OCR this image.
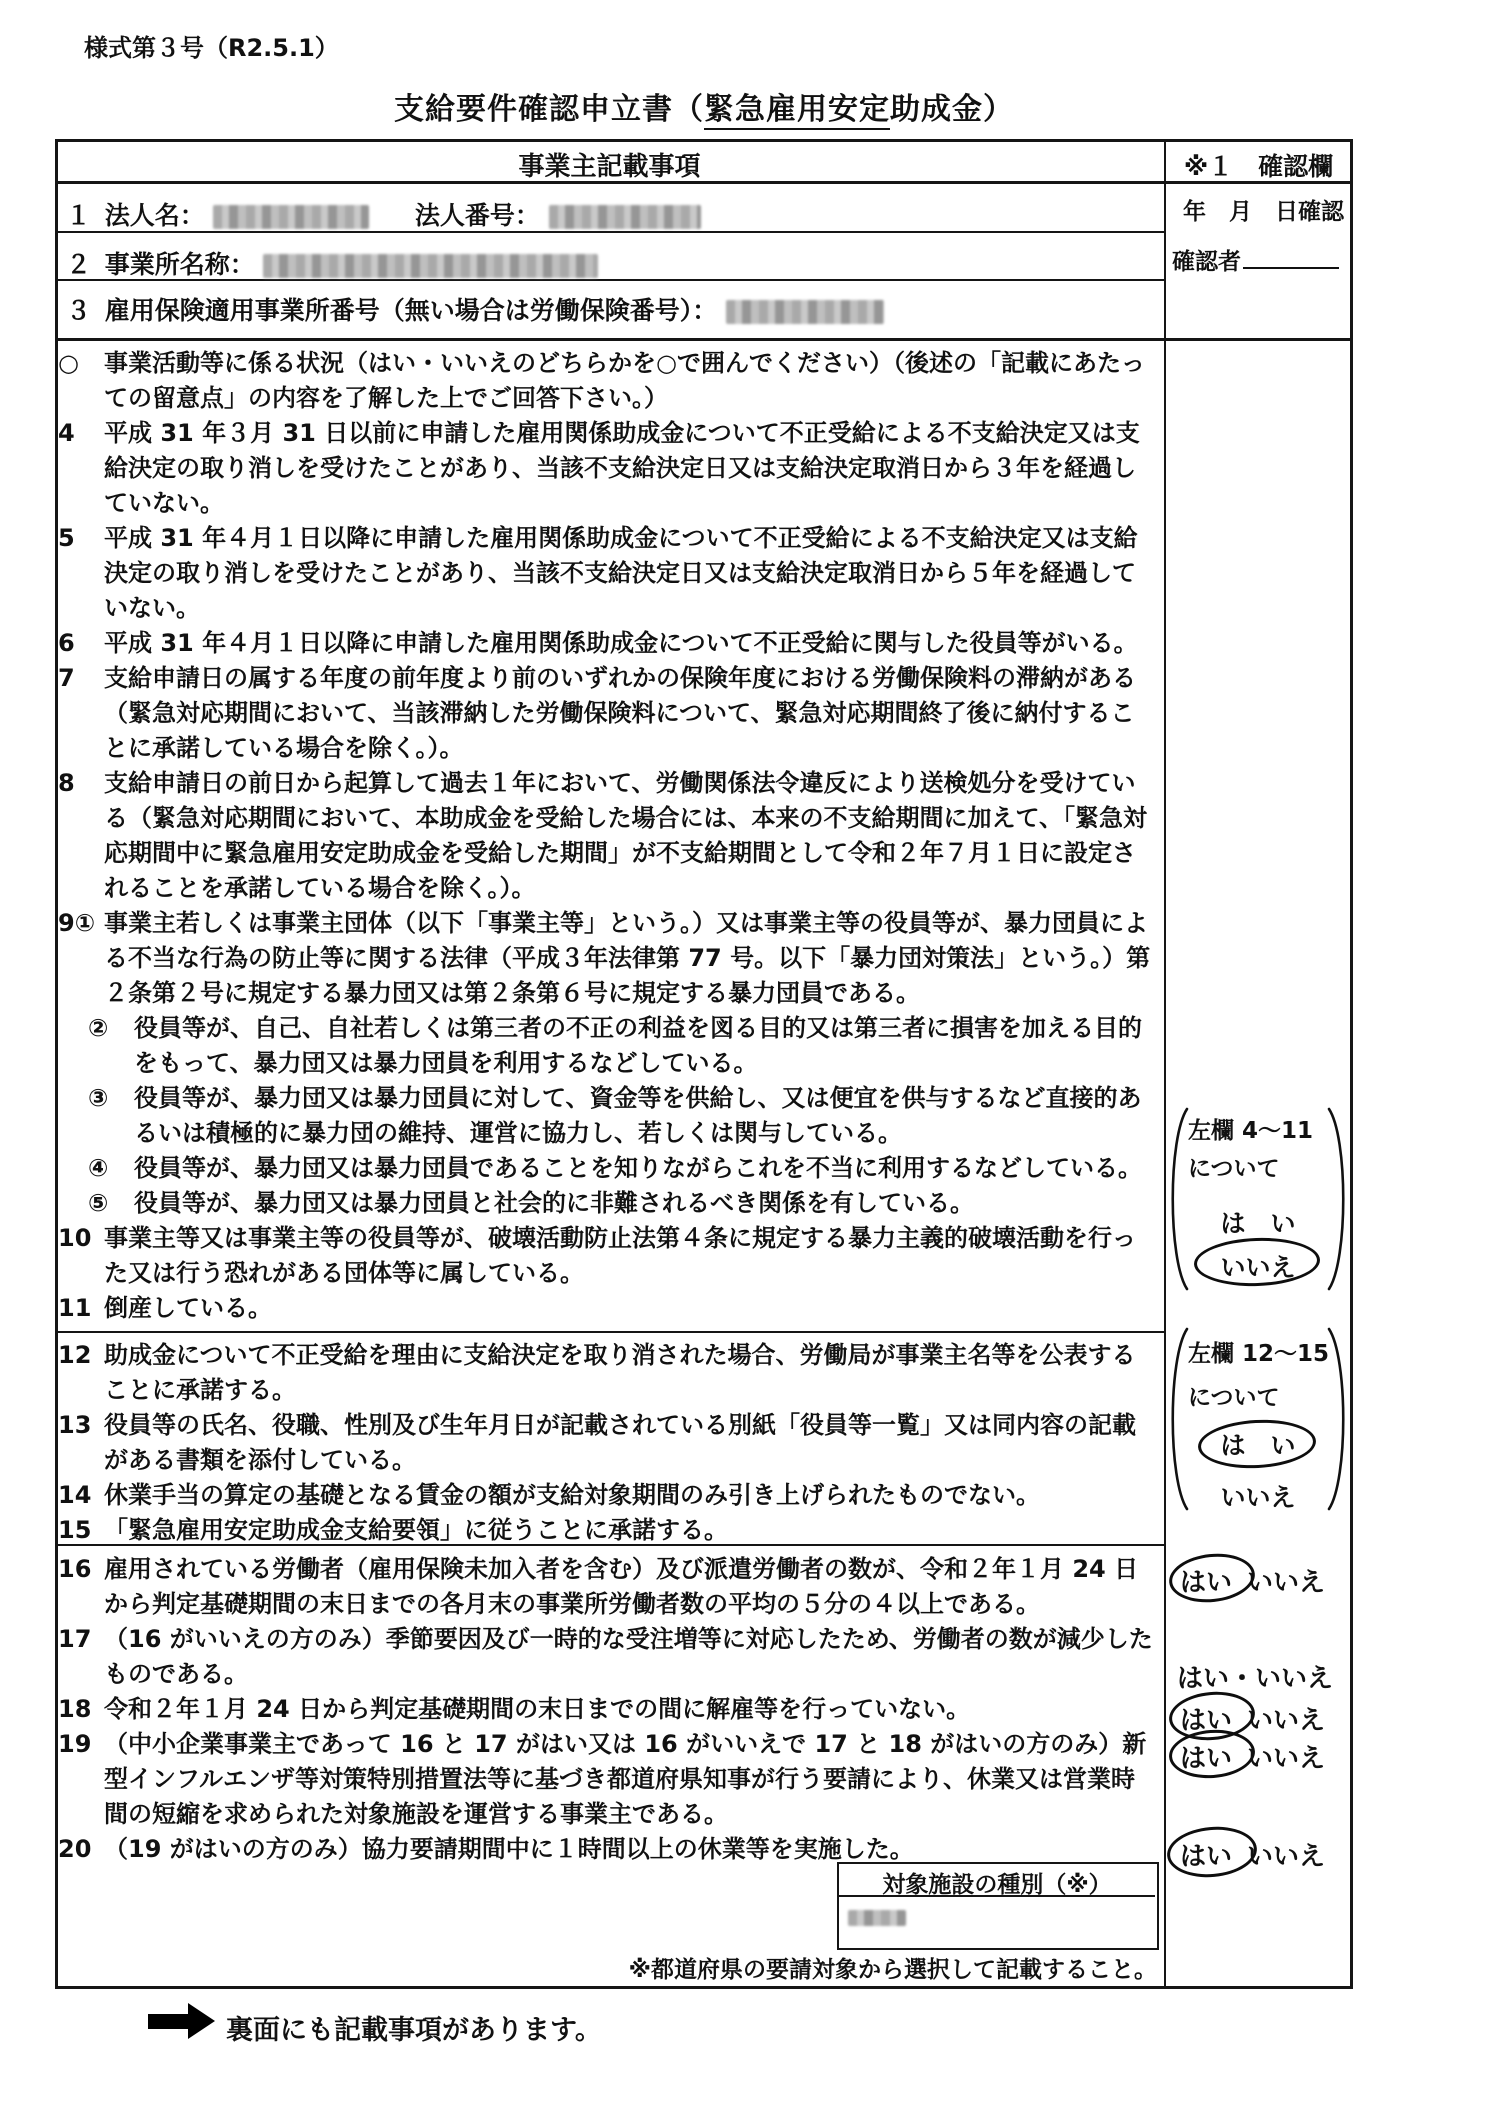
様式第３号（R2.5.1）
支給要件確認申立書（緊急雇用安定助成金）
事業主記載事項	※１　確認欄
年　月　日確認
確認者
１ 法人名：	法人番号：
２ 事業所名称：
３ 雇用保険適用事業所番号（無い場合は労働保険番号）：

○ 事業活動等に係る状況（はい・いいえのどちらかを○で囲んでください）（後述の「記載にあたっての留意点」の内容を了解した上でご回答下さい。）

4 平成 31 年３月 31 日以前に申請した雇用関係助成金について不正受給による不支給決定又は支給決定の取り消しを受けたことがあり、当該不支給決定日又は支給決定取消日から３年を経過していない。

5 平成 31 年４月１日以降に申請した雇用関係助成金について不正受給による不支給決定又は支給決定の取り消しを受けたことがあり、当該不支給決定日又は支給決定取消日から５年を経過していない。

6 平成 31 年４月１日以降に申請した雇用関係助成金について不正受給に関与した役員等がいる。

7 支給申請日の属する年度の前年度より前のいずれかの保険年度における労働保険料の滞納がある（緊急対応期間において、当該滞納した労働保険料について、緊急対応期間終了後に納付することに承諾している場合を除く。）。

8 支給申請日の前日から起算して過去１年において、労働関係法令違反により送検処分を受けている（緊急対応期間において、本助成金を受給した場合には、本来の不支給期間に加えて、「緊急対応期間中に緊急雇用安定助成金を受給した期間」が不支給期間として令和２年７月１日に設定されることを承諾している場合を除く。）。

9① 事業主若しくは事業主団体（以下「事業主等」という。）又は事業主等の役員等が、暴力団員による不当な行為の防止等に関する法律（平成３年法律第 77 号。以下「暴力団対策法」という。）第２条第２号に規定する暴力団又は第２条第６号に規定する暴力団員である。

② 役員等が、自己、自社若しくは第三者の不正の利益を図る目的又は第三者に損害を加える目的をもって、暴力団又は暴力団員を利用するなどしている。

③ 役員等が、暴力団又は暴力団員に対して、資金等を供給し、又は便宜を供与するなど直接的あるいは積極的に暴力団の維持、運営に協力し、若しくは関与している。

④ 役員等が、暴力団又は暴力団員であることを知りながらこれを不当に利用するなどしている。

⑤ 役員等が、暴力団又は暴力団員と社会的に非難されるべき関係を有している。

10 事業主等又は事業主等の役員等が、破壊活動防止法第４条に規定する暴力主義的破壊活動を行った又は行う恐れがある団体等に属している。

11 倒産している。

12 助成金について不正受給を理由に支給決定を取り消された場合、労働局が事業主名等を公表することに承諾する。

13 役員等の氏名、役職、性別及び生年月日が記載されている別紙「役員等一覧」又は同内容の記載がある書類を添付している。

14 休業手当の算定の基礎となる賃金の額が支給対象期間のみ引き上げられたものでない。

15 「緊急雇用安定助成金支給要領」に従うことに承諾する。

16 雇用されている労働者（雇用保険未加入者を含む）及び派遣労働者の数が、令和２年１月 24 日から判定基礎期間の末日までの各月末の事業所労働者数の平均の５分の４以上である。

17 （16 がいいえの方のみ）季節要因及び一時的な受注増等に対応したため、労働者の数が減少したものである。

18 令和２年１月 24 日から判定基礎期間の末日までの間に解雇等を行っていない。

19 （中小企業事業主であって 16 と 17 がはい又は 16 がいいえで 17 と 18 がはいの方のみ）新型インフルエンザ等対策特別措置法等に基づき都道府県知事が行う要請により、休業又は営業時間の短縮を求められた対象施設を運営する事業主である。

20 （19 がはいの方のみ）協力要請期間中に１時間以上の休業等を実施した。

対象施設の種別（※）
※都道府県の要請対象から選択して記載すること。
左欄 4〜11 について
は　い
いいえ
左欄 12〜15 について
は　い
いいえ
はい いいえ
はい・いいえ
はい いいえ
はい いいえ
はい いいえ
裏面にも記載事項があります。
